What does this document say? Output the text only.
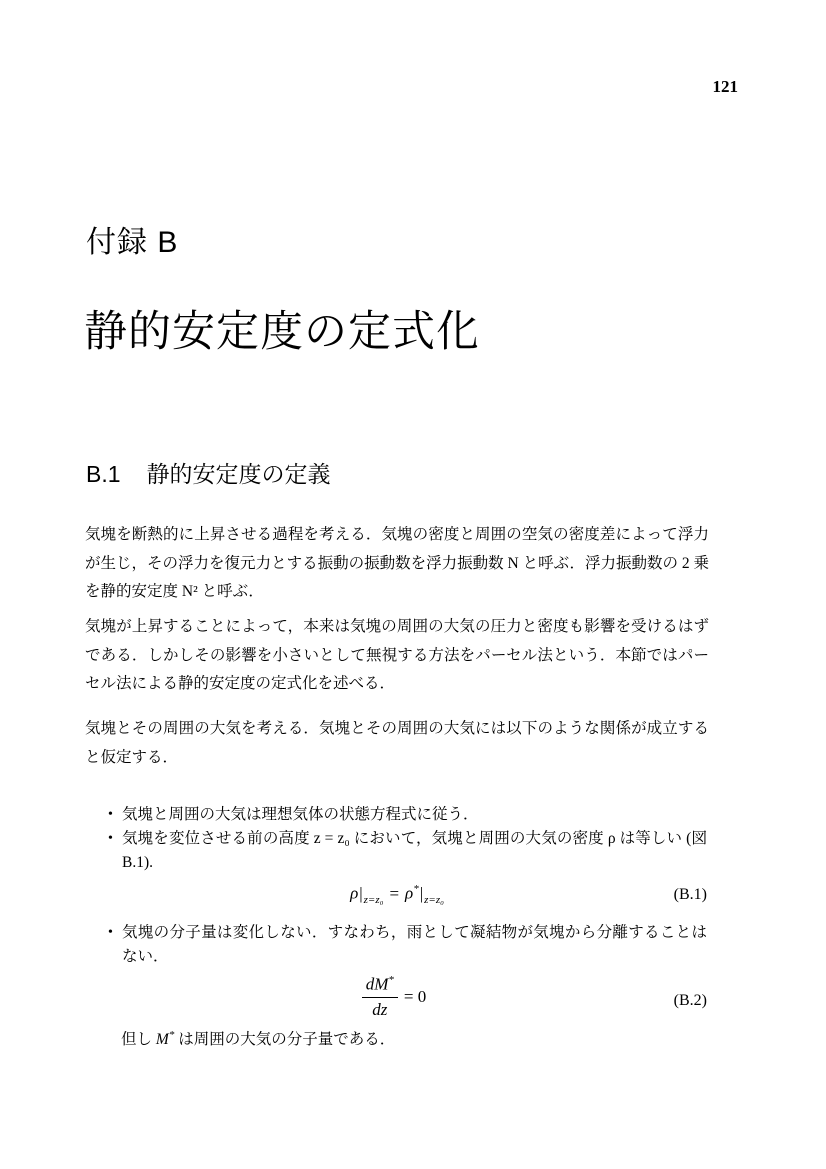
121
付録 B
静的安定度の定式化
B.1 静的安定度の定義

気塊を断熱的に上昇させる過程を考える．気塊の密度と周囲の空気の密度差によって浮力が生じ，その浮力を復元力とする振動の振動数を浮力振動数 N と呼ぶ．浮力振動数の 2 乗を静的安定度 N² と呼ぶ．

気塊が上昇することによって，本来は気塊の周囲の大気の圧力と密度も影響を受けるはずである．しかしその影響を小さいとして無視する方法をパーセル法という．本節ではパーセル法による静的安定度の定式化を述べる．

気塊とその周囲の大気を考える．気塊とその周囲の大気には以下のような関係が成立すると仮定する．

• 気塊と周囲の大気は理想気体の状態方程式に従う．
• 気塊を変位させる前の高度 z = z₀ において，気塊と周囲の大気の密度 ρ は等しい (図 B.1).
$\rho|_{z=z_0} = \rho^*|_{z=z_0}$	(B.1)
• 気塊の分子量は変化しない．すなわち，雨として凝結物が気塊から分離することはない．
$\frac{dM^*}{dz} = 0$	(B.2)
但し M* は周囲の大気の分子量である．
